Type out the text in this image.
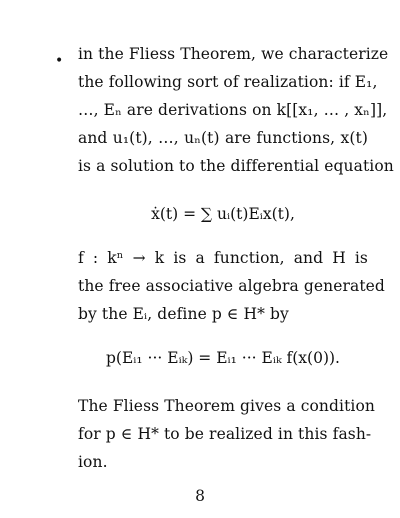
• in the Fliess Theorem, we characterize
the following sort of realization: if E₁,
…, Eₙ are derivations on k[[x₁, … , xₙ]],
and u₁(t), …, uₙ(t) are functions, x(t)
is a solution to the differential equation
ẋ(t) = ∑ uᵢ(t)Eᵢx(t),
f : kⁿ → k is a function, and H is
the free associative algebra generated
by the Eᵢ, define p ∈ H* by
p(Eᵢ₁ ··· Eᵢₖ) = Eᵢ₁ ··· Eᵢₖ f(x(0)).
The Fliess Theorem gives a condition
for p ∈ H* to be realized in this fash-
ion.
8
